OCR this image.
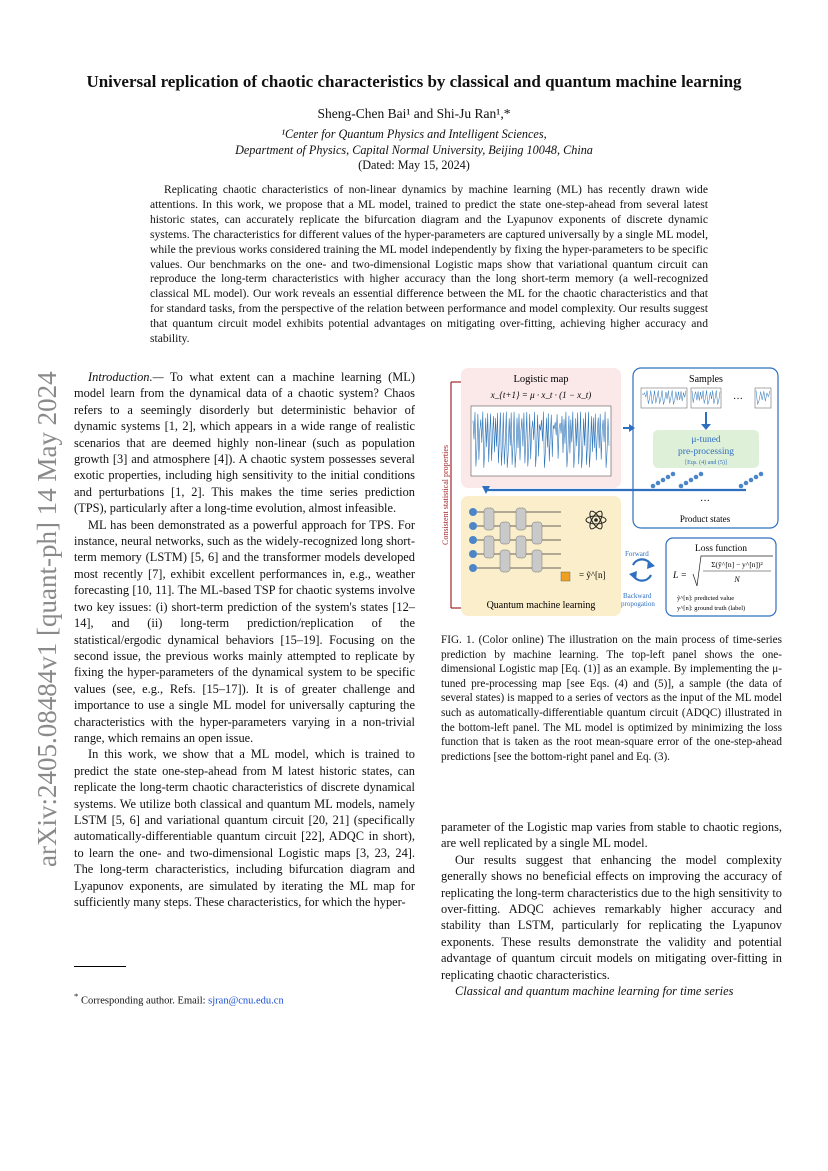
arXiv:2405.08484v1 [quant-ph] 14 May 2024
Universal replication of chaotic characteristics by classical and quantum machine learning
Sheng-Chen Bai¹ and Shi-Ju Ran¹,*
¹Center for Quantum Physics and Intelligent Sciences,
Department of Physics, Capital Normal University, Beijing 10048, China
(Dated: May 15, 2024)
Replicating chaotic characteristics of non-linear dynamics by machine learning (ML) has recently drawn wide attentions. In this work, we propose that a ML model, trained to predict the state one-step-ahead from several latest historic states, can accurately replicate the bifurcation diagram and the Lyapunov exponents of discrete dynamic systems. The characteristics for different values of the hyper-parameters are captured universally by a single ML model, while the previous works considered training the ML model independently by fixing the hyper-parameters to be specific values. Our benchmarks on the one- and two-dimensional Logistic maps show that variational quantum circuit can reproduce the long-term characteristics with higher accuracy than the long short-term memory (a well-recognized classical ML model). Our work reveals an essential difference between the ML for the chaotic characteristics and that for standard tasks, from the perspective of the relation between performance and model complexity. Our results suggest that quantum circuit model exhibits potential advantages on mitigating over-fitting, achieving higher accuracy and stability.

Introduction.— To what extent can a machine learning (ML) model learn from the dynamical data of a chaotic system? Chaos refers to a seemingly disorderly but deterministic behavior of dynamic systems [1, 2], which appears in a wide range of realistic scenarios that are deemed highly non-linear (such as population growth [3] and atmosphere [4]). A chaotic system possesses several exotic properties, including high sensitivity to the initial conditions and perturbations [1, 2]. This makes the time series prediction (TPS), particularly after a long-time evolution, almost infeasible.

ML has been demonstrated as a powerful approach for TPS. For instance, neural networks, such as the widely-recognized long short-term memory (LSTM) [5, 6] and the transformer models developed most recently [7], exhibit excellent performances in, e.g., weather forecasting [10, 11]. The ML-based TSP for chaotic systems involve two key issues: (i) short-term prediction of the system's states [12–14], and (ii) long-term prediction/replication of the statistical/ergodic dynamical behaviors [15–19]. Focusing on the second issue, the previous works mainly attempted to replicate by fixing the hyper-parameters of the dynamical system to be specific values (see, e.g., Refs. [15–17]). It is of greater challenge and importance to use a single ML model for universally capturing the characteristics with the hyper-parameters varying in a non-trivial range, which remains an open issue.

In this work, we show that a ML model, which is trained to predict the state one-step-ahead from M latest historic states, can replicate the long-term chaotic characteristics of discrete dynamical systems. We utilize both classical and quantum ML models, namely LSTM [5, 6] and variational quantum circuit [20, 21] (specifically automatically-differentiable quantum circuit [22], ADQC in short), to learn the one- and two-dimensional Logistic maps [3, 23, 24]. The long-term characteristics, including bifurcation diagram and Lyapunov exponents, are simulated by iterating the ML map for sufficiently many steps. These characteristics, for which the hyper-

* Corresponding author. Email: sjran@cnu.edu.cn
Consistent statistical properties
Logistic map
x_{t+1} = μ · x_t · (1 − x_t)
Samples
···
μ-tuned
pre-processing
[Eqs. (4) and (5)]
···
Product states
= ỹ^[n]
Quantum machine learning
Forward
Backward
propogation
Loss function
L =
Σ(ỹ^[n] − y^[n])²
N
ỹ^[n]: predicted value
y^[n]: ground truth (label)
FIG. 1. (Color online) The illustration on the main process of time-series prediction by machine learning. The top-left panel shows the one-dimensional Logistic map [Eq. (1)] as an example. By implementing the μ-tuned pre-processing map [see Eqs. (4) and (5)], a sample (the data of several states) is mapped to a series of vectors as the input of the ML model such as automatically-differentiable quantum circuit (ADQC) illustrated in the bottom-left panel. The ML model is optimized by minimizing the loss function that is taken as the root mean-square error of the one-step-ahead predictions [see the bottom-right panel and Eq. (3).

parameter of the Logistic map varies from stable to chaotic regions, are well replicated by a single ML model.

Our results suggest that enhancing the model complexity generally shows no beneficial effects on improving the accuracy of replicating the long-term characteristics due to the high sensitivity to over-fitting. ADQC achieves remarkably higher accuracy and stability than LSTM, particularly for replicating the Lyapunov exponents. These results demonstrate the validity and potential advantage of quantum circuit models on mitigating over-fitting in replicating chaotic characteristics.

Classical and quantum machine learning for time series
